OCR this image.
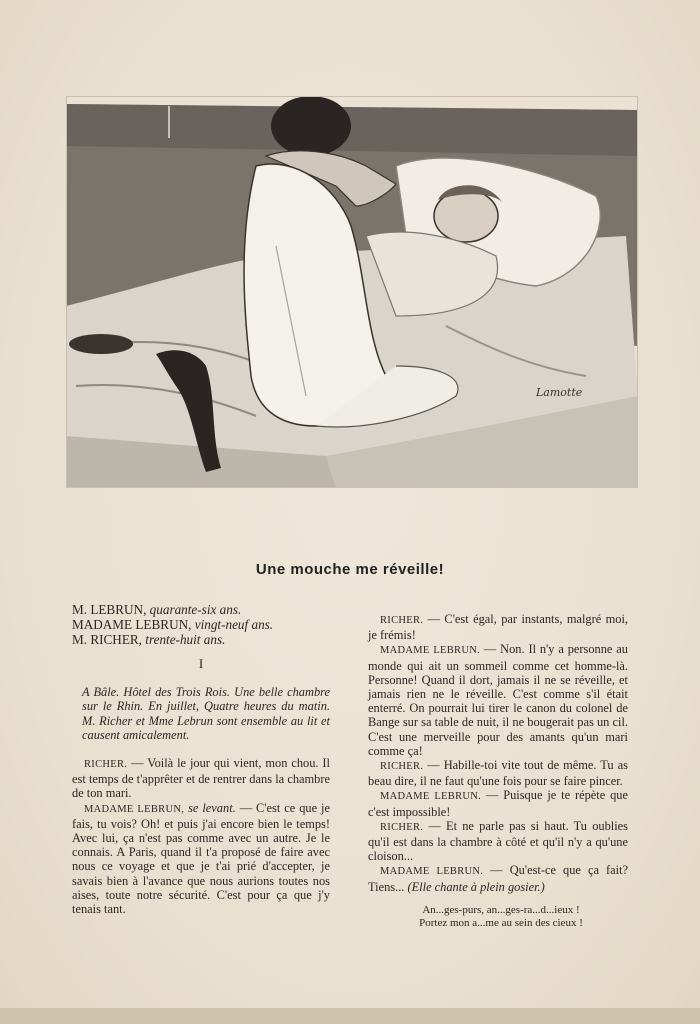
Lamotte
Une mouche me réveille!
M. LEBRUN, quarante-six ans.
MADAME LEBRUN, vingt-neuf ans.
M. RICHER, trente-huit ans.
I
A Bâle. Hôtel des Trois Rois. Une belle chambre sur le Rhin. En juillet, Quatre heures du matin. M. Richer et Mme Lebrun sont ensemble au lit et causent amicalement.

RICHER. — Voilà le jour qui vient, mon chou. Il est temps de t'apprêter et de rentrer dans la chambre de ton mari.

MADAME LEBRUN, se levant. — C'est ce que je fais, tu vois? Oh! et puis j'ai encore bien le temps! Avec lui, ça n'est pas comme avec un autre. Je le connais. A Paris, quand il t'a proposé de faire avec nous ce voyage et que je t'ai prié d'accepter, je savais bien à l'avance que nous aurions toutes nos aises, toute notre sécurité. C'est pour ça que j'y tenais tant.

RICHER. — C'est égal, par instants, malgré moi, je frémis!

MADAME LEBRUN. — Non. Il n'y a personne au monde qui ait un sommeil comme cet homme-là. Personne! Quand il dort, jamais il ne se réveille, et jamais rien ne le réveille. C'est comme s'il était enterré. On pourrait lui tirer le canon du colonel de Bange sur sa table de nuit, il ne bougerait pas un cil. C'est une merveille pour des amants qu'un mari comme ça!

RICHER. — Habille-toi vite tout de même. Tu as beau dire, il ne faut qu'une fois pour se faire pincer.

MADAME LEBRUN. — Puisque je te répète que c'est impossible!

RICHER. — Et ne parle pas si haut. Tu oublies qu'il est dans la chambre à côté et qu'il n'y a qu'une cloison...

MADAME LEBRUN. — Qu'est-ce que ça fait? Tiens... (Elle chante à plein gosier.)

An...ges-purs, an...ges-ra...d...ieux !
Portez mon a...me au sein des cieux !
